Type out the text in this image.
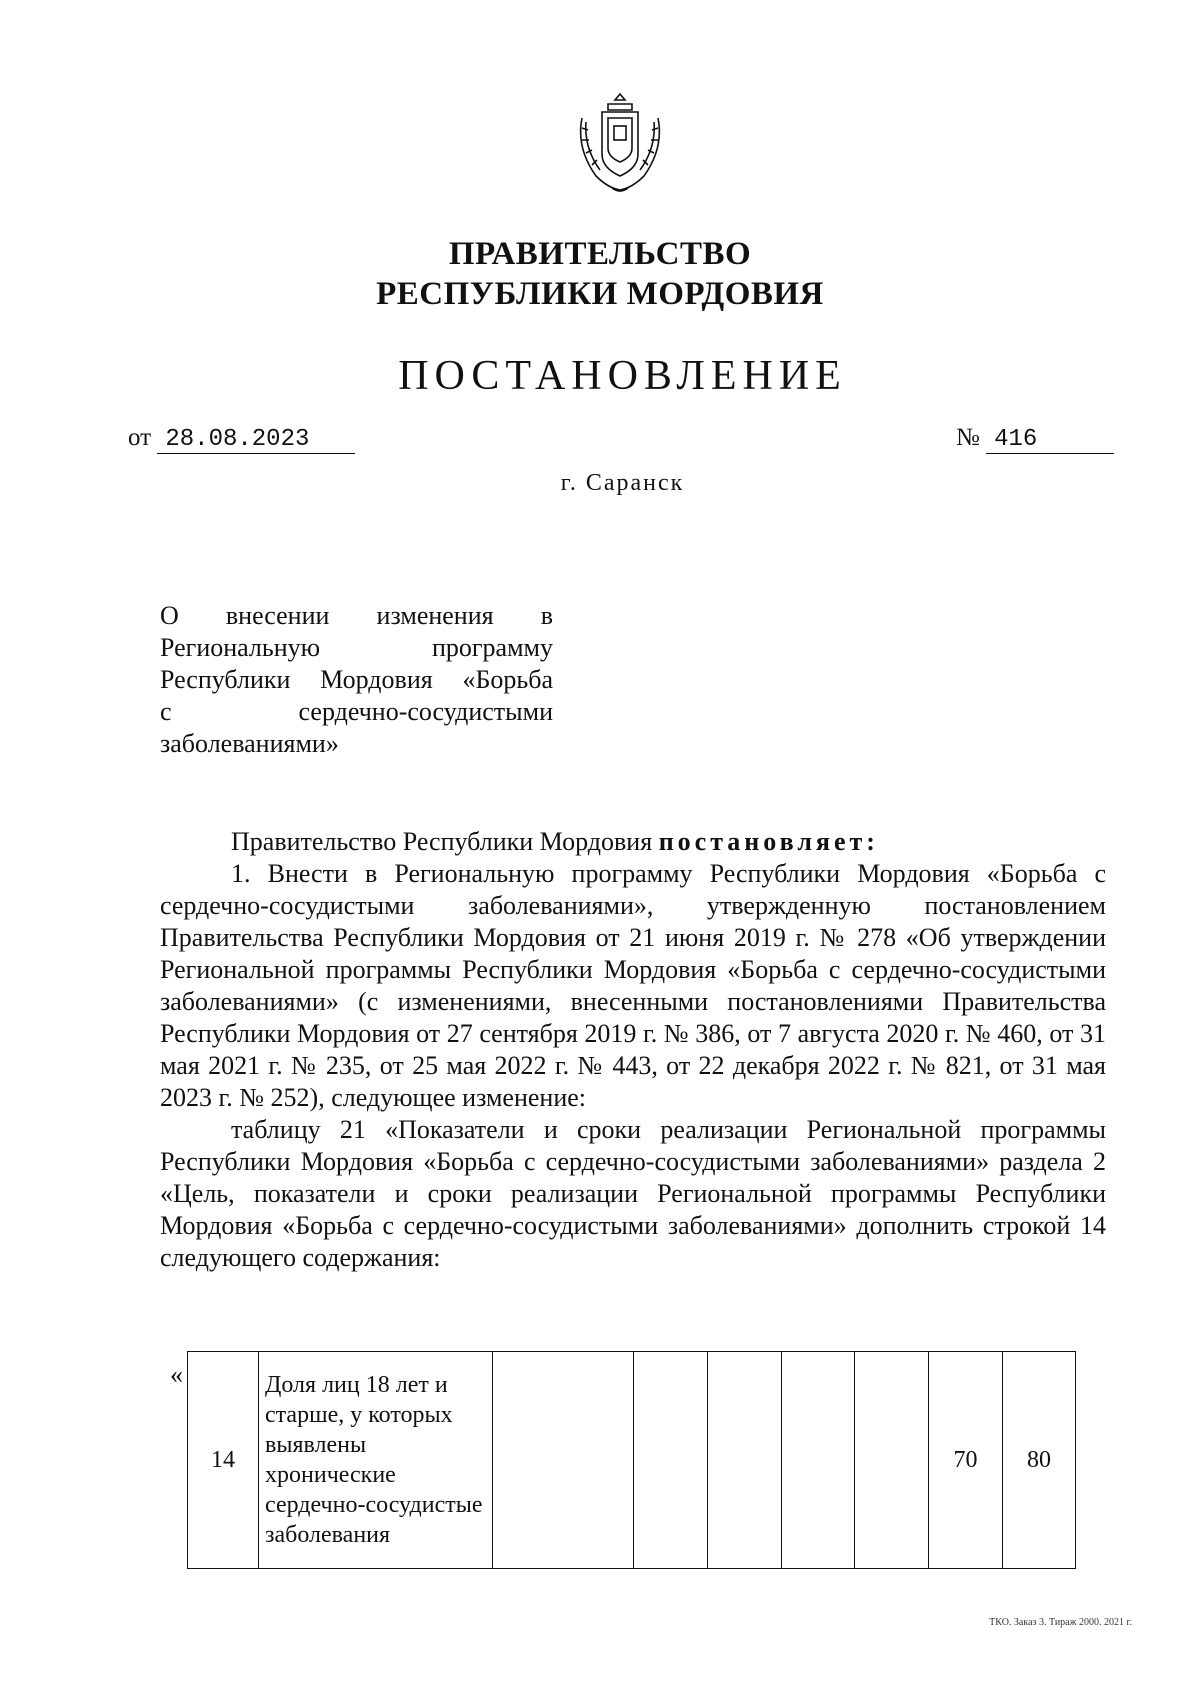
ПРАВИТЕЛЬСТВО
РЕСПУБЛИКИ МОРДОВИЯ
ПОСТАНОВЛЕНИЕ
от 28.08.2023	№ 416
г. Саранск
О внесении изменения в
Региональную программу
Республики Мордовия «Борьба
с сердечно-сосудистыми
заболеваниями»

Правительство Республики Мордовия постановляет:

1. Внести в Региональную программу Республики Мордовия «Борьба с сердечно-сосудистыми заболеваниями», утвержденную постановлением Правительства Республики Мордовия от 21 июня 2019 г. № 278 «Об утверждении Региональной программы Республики Мордовия «Борьба с сердечно-сосудистыми заболеваниями» (с изменениями, внесенными постановлениями Правительства Республики Мордовия от 27 сентября 2019 г. № 386, от 7 августа 2020 г. № 460, от 31 мая 2021 г. № 235, от 25 мая 2022 г. № 443, от 22 декабря 2022 г. № 821, от 31 мая 2023 г. № 252), следующее изменение:

таблицу 21 «Показатели и сроки реализации Региональной программы Республики Мордовия «Борьба с сердечно-сосудистыми заболеваниями» раздела 2 «Цель, показатели и сроки реализации Региональной программы Республики Мордовия «Борьба с сердечно-сосудистыми заболеваниями» дополнить строкой 14 следующего содержания:

«
14	Доля лиц 18 лет и старше, у которых выявлены хронические сердечно-сосудистые заболевания						70	80
ТКО. Заказ 3. Тираж 2000. 2021 г.
